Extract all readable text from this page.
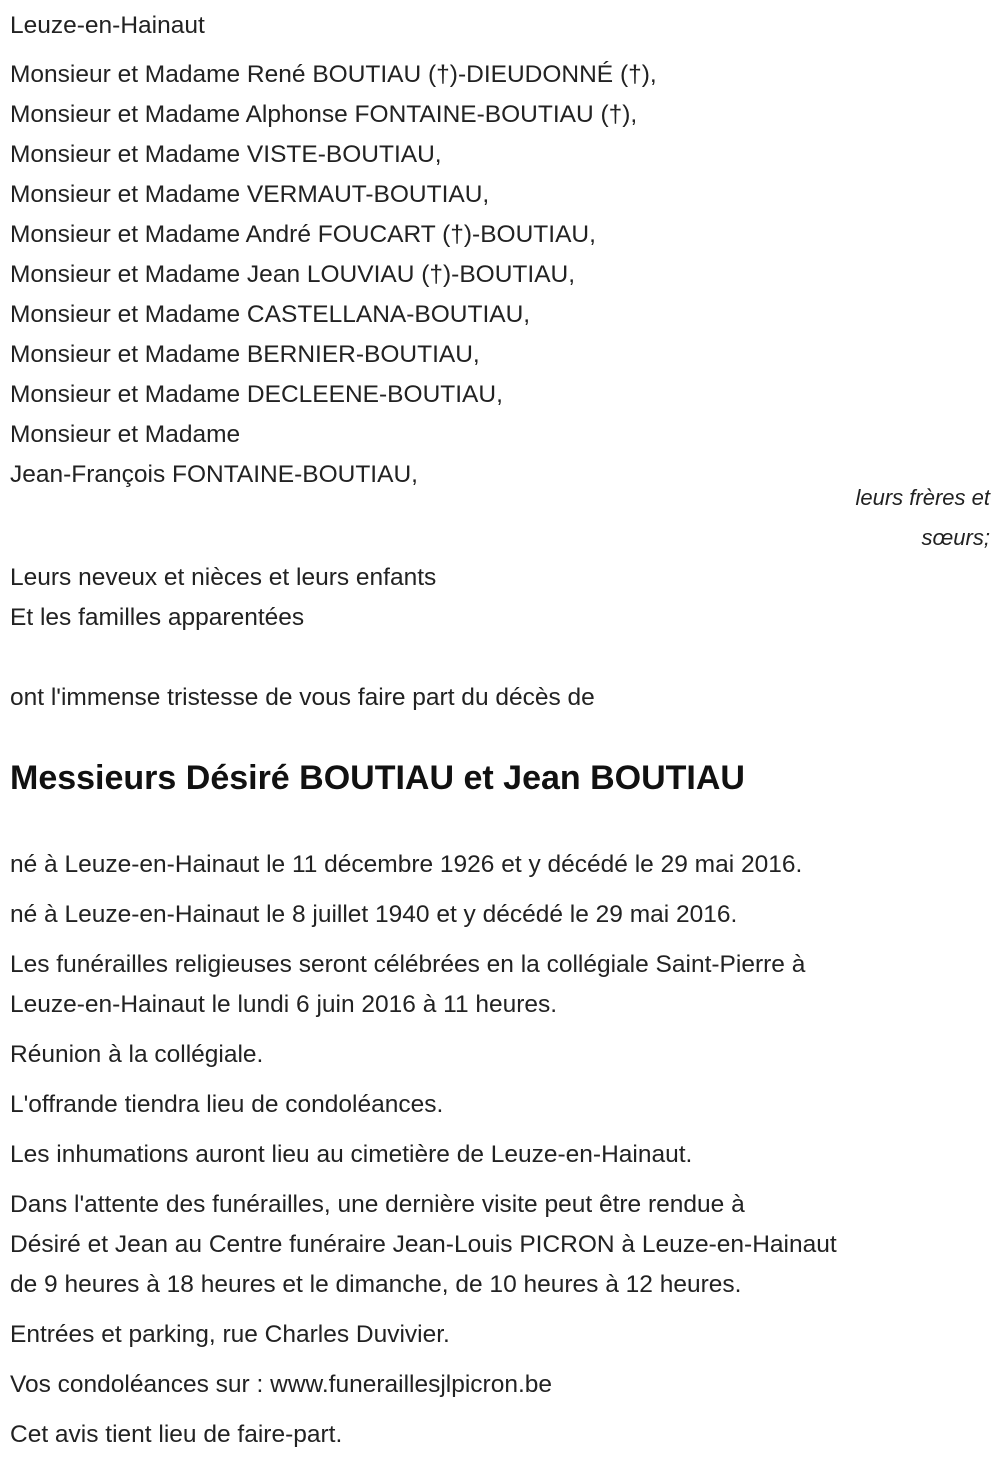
Leuze-en-Hainaut
Monsieur et Madame René BOUTIAU (†)-DIEUDONNÉ (†),
Monsieur et Madame Alphonse FONTAINE-BOUTIAU (†),
Monsieur et Madame VISTE-BOUTIAU,
Monsieur et Madame VERMAUT-BOUTIAU,
Monsieur et Madame André FOUCART (†)-BOUTIAU,
Monsieur et Madame Jean LOUVIAU (†)-BOUTIAU,
Monsieur et Madame CASTELLANA-BOUTIAU,
Monsieur et Madame BERNIER-BOUTIAU,
Monsieur et Madame DECLEENE-BOUTIAU,
Monsieur et Madame
Jean-François FONTAINE-BOUTIAU,
leurs frères et
sœurs;
Leurs neveux et nièces et leurs enfants
Et les familles apparentées
ont l'immense tristesse de vous faire part du décès de
Messieurs Désiré BOUTIAU et Jean BOUTIAU
né à Leuze-en-Hainaut le 11 décembre 1926 et y décédé le 29 mai 2016.
né à Leuze-en-Hainaut le 8 juillet 1940 et y décédé le 29 mai 2016.
Les funérailles religieuses seront célébrées en la collégiale Saint-Pierre à
Leuze-en-Hainaut le lundi 6 juin 2016 à 11 heures.
Réunion à la collégiale.
L'offrande tiendra lieu de condoléances.
Les inhumations auront lieu au cimetière de Leuze-en-Hainaut.
Dans l'attente des funérailles, une dernière visite peut être rendue à
Désiré et Jean au Centre funéraire Jean-Louis PICRON à Leuze-en-Hainaut
de 9 heures à 18 heures et le dimanche, de 10 heures à 12 heures.
Entrées et parking, rue Charles Duvivier.
Vos condoléances sur : www.funeraillesjlpicron.be
Cet avis tient lieu de faire-part.
